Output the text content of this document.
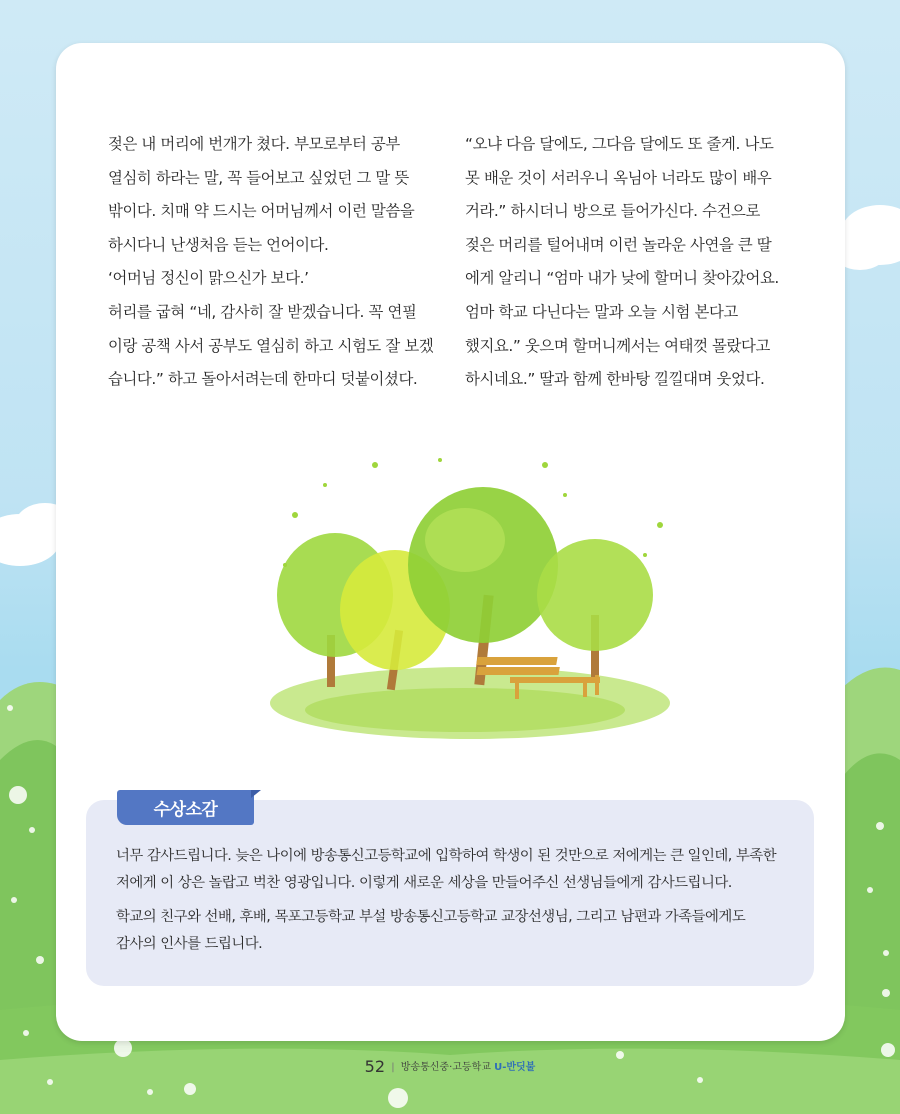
젖은 내 머리에 번개가 쳤다. 부모로부터 공부

열심히 하라는 말, 꼭 들어보고 싶었던 그 말 뜻

밖이다. 치매 약 드시는 어머님께서 이런 말씀을

하시다니 난생처음 듣는 언어이다.

‘어머님 정신이 맑으신가 보다.’

허리를 굽혀 “네, 감사히 잘 받겠습니다. 꼭 연필

이랑 공책 사서 공부도 열심히 하고 시험도 잘 보겠

습니다.” 하고 돌아서려는데 한마디 덧붙이셨다.

“오냐 다음 달에도, 그다음 달에도 또 줄게. 나도

못 배운 것이 서러우니 옥님아 너라도 많이 배우

거라.” 하시더니 방으로 들어가신다. 수건으로

젖은 머리를 털어내며 이런 놀라운 사연을 큰 딸

에게 알리니 “엄마 내가 낮에 할머니 찾아갔어요.

엄마 학교 다닌다는 말과 오늘 시험 본다고

했지요.” 웃으며 할머니께서는 여태껏 몰랐다고

하시네요.” 딸과 함께 한바탕 낄낄대며 웃었다.

수상소감

너무 감사드립니다. 늦은 나이에 방송통신고등학교에 입학하여 학생이 된 것만으로 저에게는 큰 일인데, 부족한

저에게 이 상은 놀랍고 벅찬 영광입니다. 이렇게 새로운 세상을 만들어주신 선생님들에게 감사드립니다.

학교의 친구와 선배, 후배, 목포고등학교 부설 방송통신고등학교 교장선생님, 그리고 남편과 가족들에게도

감사의 인사를 드립니다.

52 | 방송통신중·고등학교 U-반딧불
